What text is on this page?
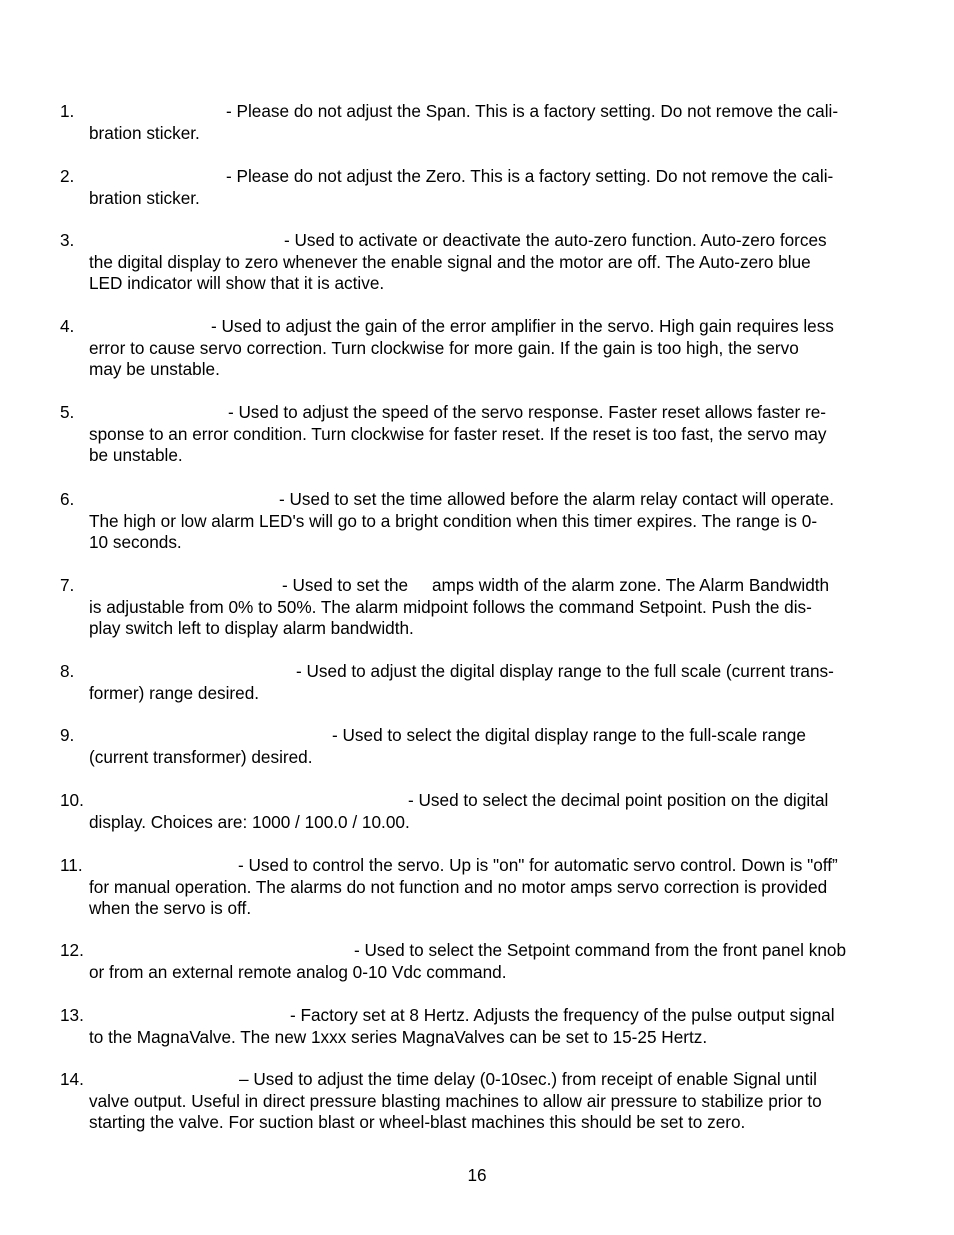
1.	- Please do not adjust the Span. This is a factory setting. Do not remove the cali-
bration sticker.
2.	- Please do not adjust the Zero. This is a factory setting. Do not remove the cali-
bration sticker.
3.	- Used to activate or deactivate the auto-zero function. Auto-zero forces
the digital display to zero whenever the enable signal and the motor are off. The Auto-zero blue
LED indicator will show that it is active.
4.	- Used to adjust the gain of the error amplifier in the servo. High gain requires less
error to cause servo correction. Turn clockwise for more gain. If the gain is too high, the servo
may be unstable.
5.	- Used to adjust the speed of the servo response. Faster reset allows faster re-
sponse to an error condition. Turn clockwise for faster reset. If the reset is too fast, the servo may
be unstable.
6.	- Used to set the time allowed before the alarm relay contact will operate.
The high or low alarm LED's will go to a bright condition when this timer expires. The range is 0-
10 seconds.
7.	- Used to set the     amps width of the alarm zone. The Alarm Bandwidth
is adjustable from 0% to 50%. The alarm midpoint follows the command Setpoint. Push the dis-
play switch left to display alarm bandwidth.
8.	- Used to adjust the digital display range to the full scale (current trans-
former) range desired.
9.	- Used to select the digital display range to the full-scale range
(current transformer) desired.
10.	- Used to select the decimal point position on the digital
display. Choices are: 1000 / 100.0 / 10.00.
11.	- Used to control the servo. Up is "on" for automatic servo control. Down is "off”
for manual operation. The alarms do not function and no motor amps servo correction is provided
when the servo is off.
12.	- Used to select the Setpoint command from the front panel knob
or from an external remote analog 0-10 Vdc command.
13.	- Factory set at 8 Hertz. Adjusts the frequency of the pulse output signal
to the MagnaValve. The new 1xxx series MagnaValves can be set to 15-25 Hertz.
14.	– Used to adjust the time delay (0-10sec.) from receipt of enable Signal until
valve output. Useful in direct pressure blasting machines to allow air pressure to stabilize prior to
starting the valve. For suction blast or wheel-blast machines this should be set to zero.
16
